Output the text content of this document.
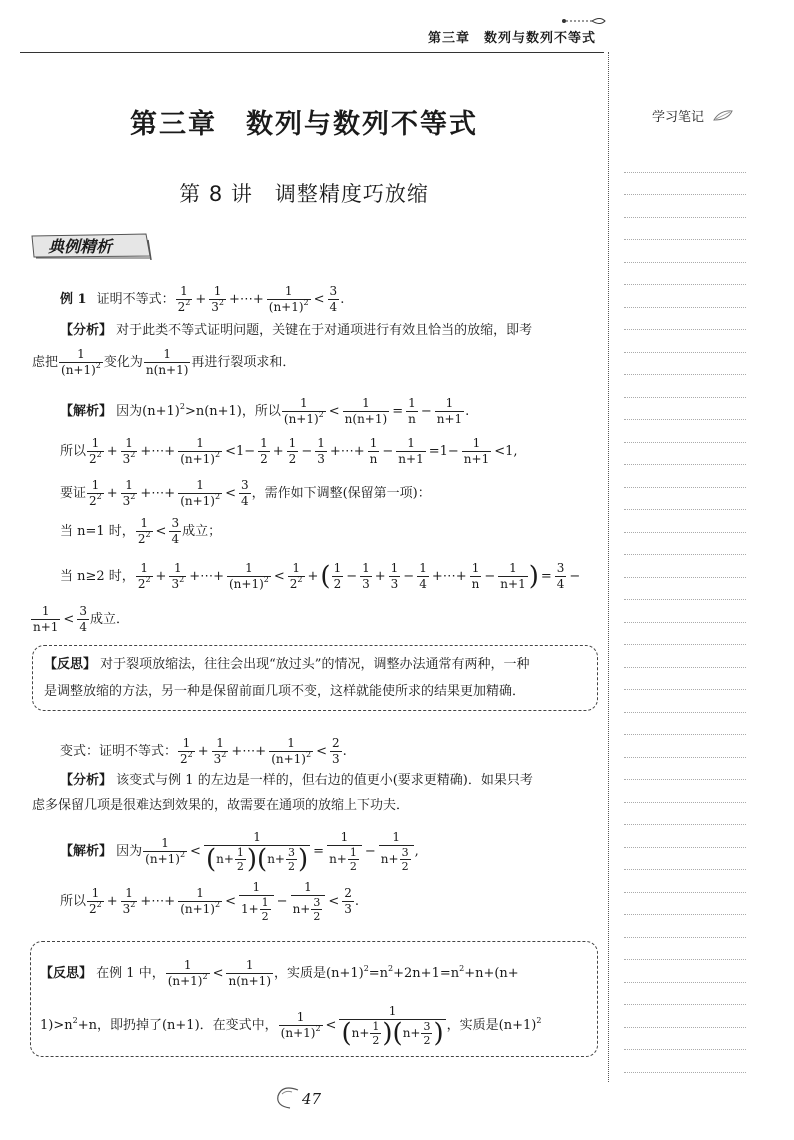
第三章　数列与数列不等式
学习笔记
第三章　数列与数列不等式
第 8 讲　调整精度巧放缩
典例精析
例 1 证明不等式： $\frac{1}{2^2} + \frac{1}{3^2}$ +⋯+ $\frac{1}{(n+1)^2} < \frac{3}{4}$ .
【分析】 对于此类不等式证明问题，关键在于对通项进行有效且恰当的放缩，即考
虑把 $\frac{1}{(n+1)^2}$ 变化为 $\frac{1}{n(n+1)}$ 再进行裂项求和．
【解析】 因为$(n+1)^2>n(n+1)$，所以 $\frac{1}{(n+1)^2} < \frac{1}{n(n+1)} = \frac{1}{n} - \frac{1}{n+1}$ .
所以 $\frac{1}{2^2} + \frac{1}{3^2}$ +⋯+ $\frac{1}{(n+1)^2} <1- \frac{1}{2} + \frac{1}{2} - \frac{1}{3}$ +⋯+ $\frac{1}{n} - \frac{1}{n+1} =1- \frac{1}{n+1} <1$,
要证 $\frac{1}{2^2} + \frac{1}{3^2}$ +⋯+ $\frac{1}{(n+1)^2} < \frac{3}{4}$ ，需作如下调整(保留第一项)：
当 n=1 时， $\frac{1}{2^2} < \frac{3}{4}$ 成立；
当 n≥2 时， $\frac{1}{2^2} + \frac{1}{3^2}$ +⋯+ $\frac{1}{(n+1)^2} < \frac{1}{2^2}$ +( $\frac{1}{2} - \frac{1}{3} + \frac{1}{3} - \frac{1}{4}$ +⋯+ $\frac{1}{n} - \frac{1}{n+1}$ ) = $\frac{3}{4}$ −
$\frac{1}{n+1} < \frac{3}{4}$ 成立．
【反思】 对于裂项放缩法，往往会出现“放过头”的情况，调整办法通常有两种，一种
是调整放缩的方法，另一种是保留前面几项不变，这样就能使所求的结果更加精确．
变式：证明不等式： $\frac{1}{2^2} + \frac{1}{3^2}$ +⋯+ $\frac{1}{(n+1)^2} < \frac{2}{3}$ .
【分析】 该变式与例 1 的左边是一样的，但右边的值更小(要求更精确)．如果只考
虑多保留几项是很难达到效果的，故需要在通项的放缩上下功夫．
【解析】 因为 $\frac{1}{(n+1)^2} < \frac{1}{(n+ \frac{1}{2} )(n+ \frac{3}{2} )} = \frac{1}{n+ \frac{1}{2}} - \frac{1}{n+ \frac{3}{2}}$ ,
所以 $\frac{1}{2^2} + \frac{1}{3^2}$ +⋯+ $\frac{1}{(n+1)^2} < \frac{1}{1+ \frac{1}{2}} - \frac{1}{n+ \frac{3}{2}} < \frac{2}{3}$ .
【反思】 在例 1 中， $\frac{1}{(n+1)^2} < \frac{1}{n(n+1)}$ ，实质是$(n+1)^2=n^2+2n+1=n^2+n+(n+$
$1)>n^2+n$，即扔掉了(n+1)．在变式中， $\frac{1}{(n+1)^2} < \frac{1}{(n+ \frac{1}{2} )(n+ \frac{3}{2} )}$ ，实质是$(n+1)^2$
47
